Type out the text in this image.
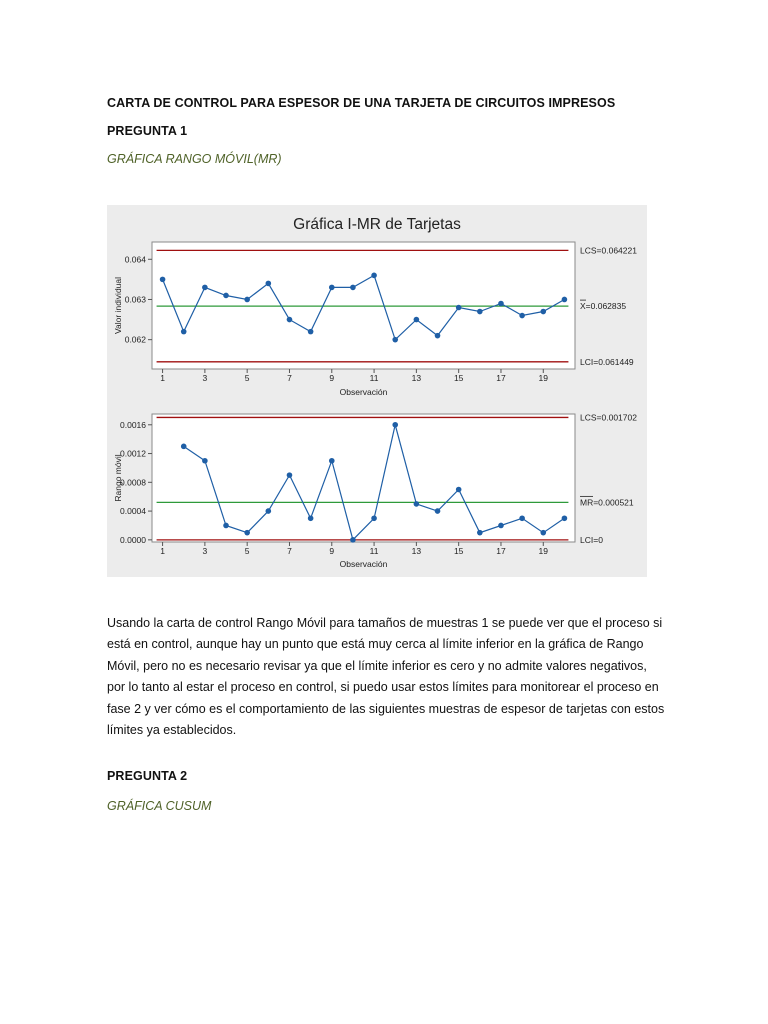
CARTA DE CONTROL PARA ESPESOR DE UNA TARJETA DE CIRCUITOS IMPRESOS
PREGUNTA 1
GRÁFICA RANGO MÓVIL(MR)
Gráfica I-MR de Tarjetas
LCS=0.064221
X=0.062835
LCI=0.061449
1	3	5	7	9	11	13	15	17	19
0.064
0.063
0.062
Observación
Valor individual
LCS=0.001702
MR=0.000521
LCI=0
1	3	5	7	9	11	13	15	17	19
0.0016
0.0012
0.0008
0.0004
0.0000
Observación
Rango móvil

Usando la carta de control Rango Móvil para tamaños de muestras 1 se puede ver que el proceso si está en control, aunque hay un punto que está muy cerca al límite inferior en la gráfica de Rango Móvil, pero no es necesario revisar ya que el límite inferior es cero y no admite valores negativos, por lo tanto al estar el proceso en control, si puedo usar estos límites para monitorear el proceso en fase 2 y ver cómo es el comportamiento de las siguientes muestras de espesor de tarjetas con estos límites ya establecidos.

PREGUNTA 2
GRÁFICA CUSUM
